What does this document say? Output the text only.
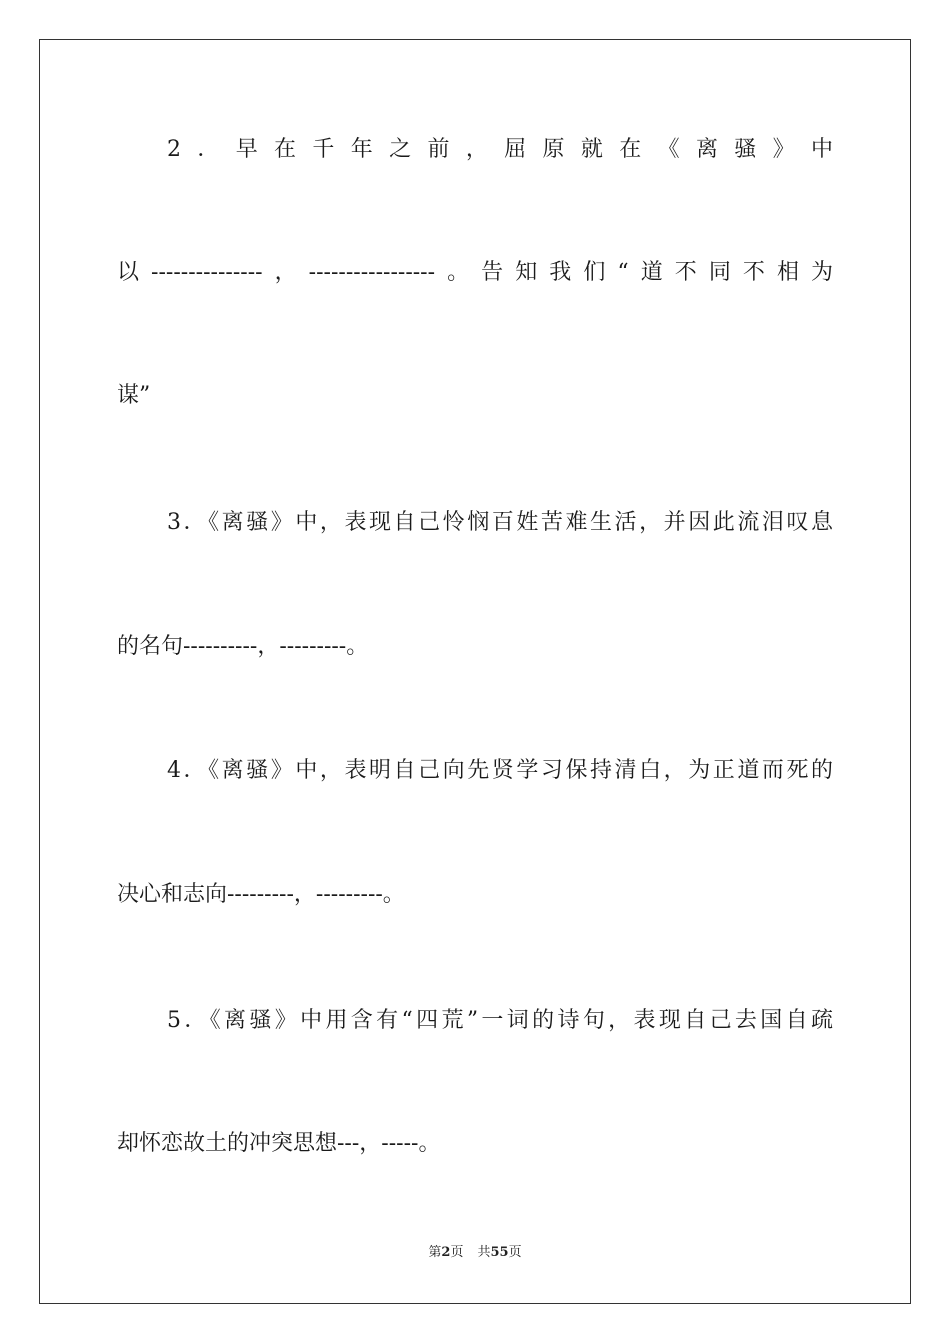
2．早在千年之前，屈原就在《离骚》中
以---------------，-----------------。告知我们“道不同不相为
谋”
3．《离骚》中，表现自己怜悯百姓苦难生活，并因此流泪叹息
的名句----------，---------。
4．《离骚》中，表明自己向先贤学习保持清白，为正道而死的
决心和志向---------，---------。
5．《离骚》中用含有“四荒”一词的诗句，表现自己去国自疏
却怀恋故土的冲突思想---，-----。
第2页 共55页
